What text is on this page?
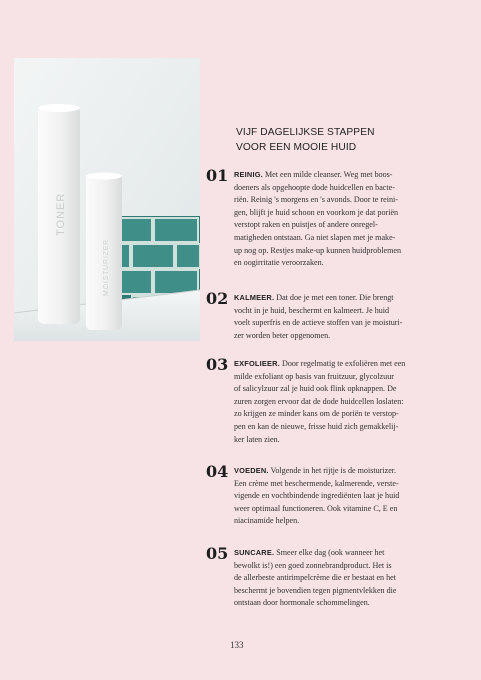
TONER
MOISTURIZER
VIJF DAGELIJKSE STAPPEN
VOOR EEN MOOIE HUID
01 REINIG. Met een milde cleanser. Weg met boos-
doeners als opgehoopte dode huidcellen en bacte-
riën. Reinig 's morgens en 's avonds. Door te reini-
gen, blijft je huid schoon en voorkom je dat poriën
verstopt raken en puistjes of andere onregel-
matigheden ontstaan. Ga niet slapen met je make-
up nog op. Restjes make-up kunnen huidproblemen
en oogirritatie veroorzaken.
02 KALMEER. Dat doe je met een toner. Die brengt
vocht in je huid, beschermt en kalmeert. Je huid
voelt superfris en de actieve stoffen van je moisturi-
zer worden beter opgenomen.
03 EXFOLIEER. Door regelmatig te exfoliëren met een
milde exfoliant op basis van fruitzuur, glycolzuur
of salicylzuur zal je huid ook flink opknappen. De
zuren zorgen ervoor dat de dode huidcellen loslaten:
zo krijgen ze minder kans om de poriën te verstop-
pen en kan de nieuwe, frisse huid zich gemakkelij-
ker laten zien.
04 VOEDEN. Volgende in het rijtje is de moisturizer.
Een crème met beschermende, kalmerende, verste-
vigende en vochtbindende ingrediënten laat je huid
weer optimaal functioneren. Ook vitamine C, E en
niacinamide helpen.
05 SUNCARE. Smeer elke dag (ook wanneer het
bewolkt is!) een goed zonnebrandproduct. Het is
de allerbeste antirimpelcrème die er bestaat en het
beschermt je bovendien tegen pigmentvlekken die
ontstaan door hormonale schommelingen.
133
